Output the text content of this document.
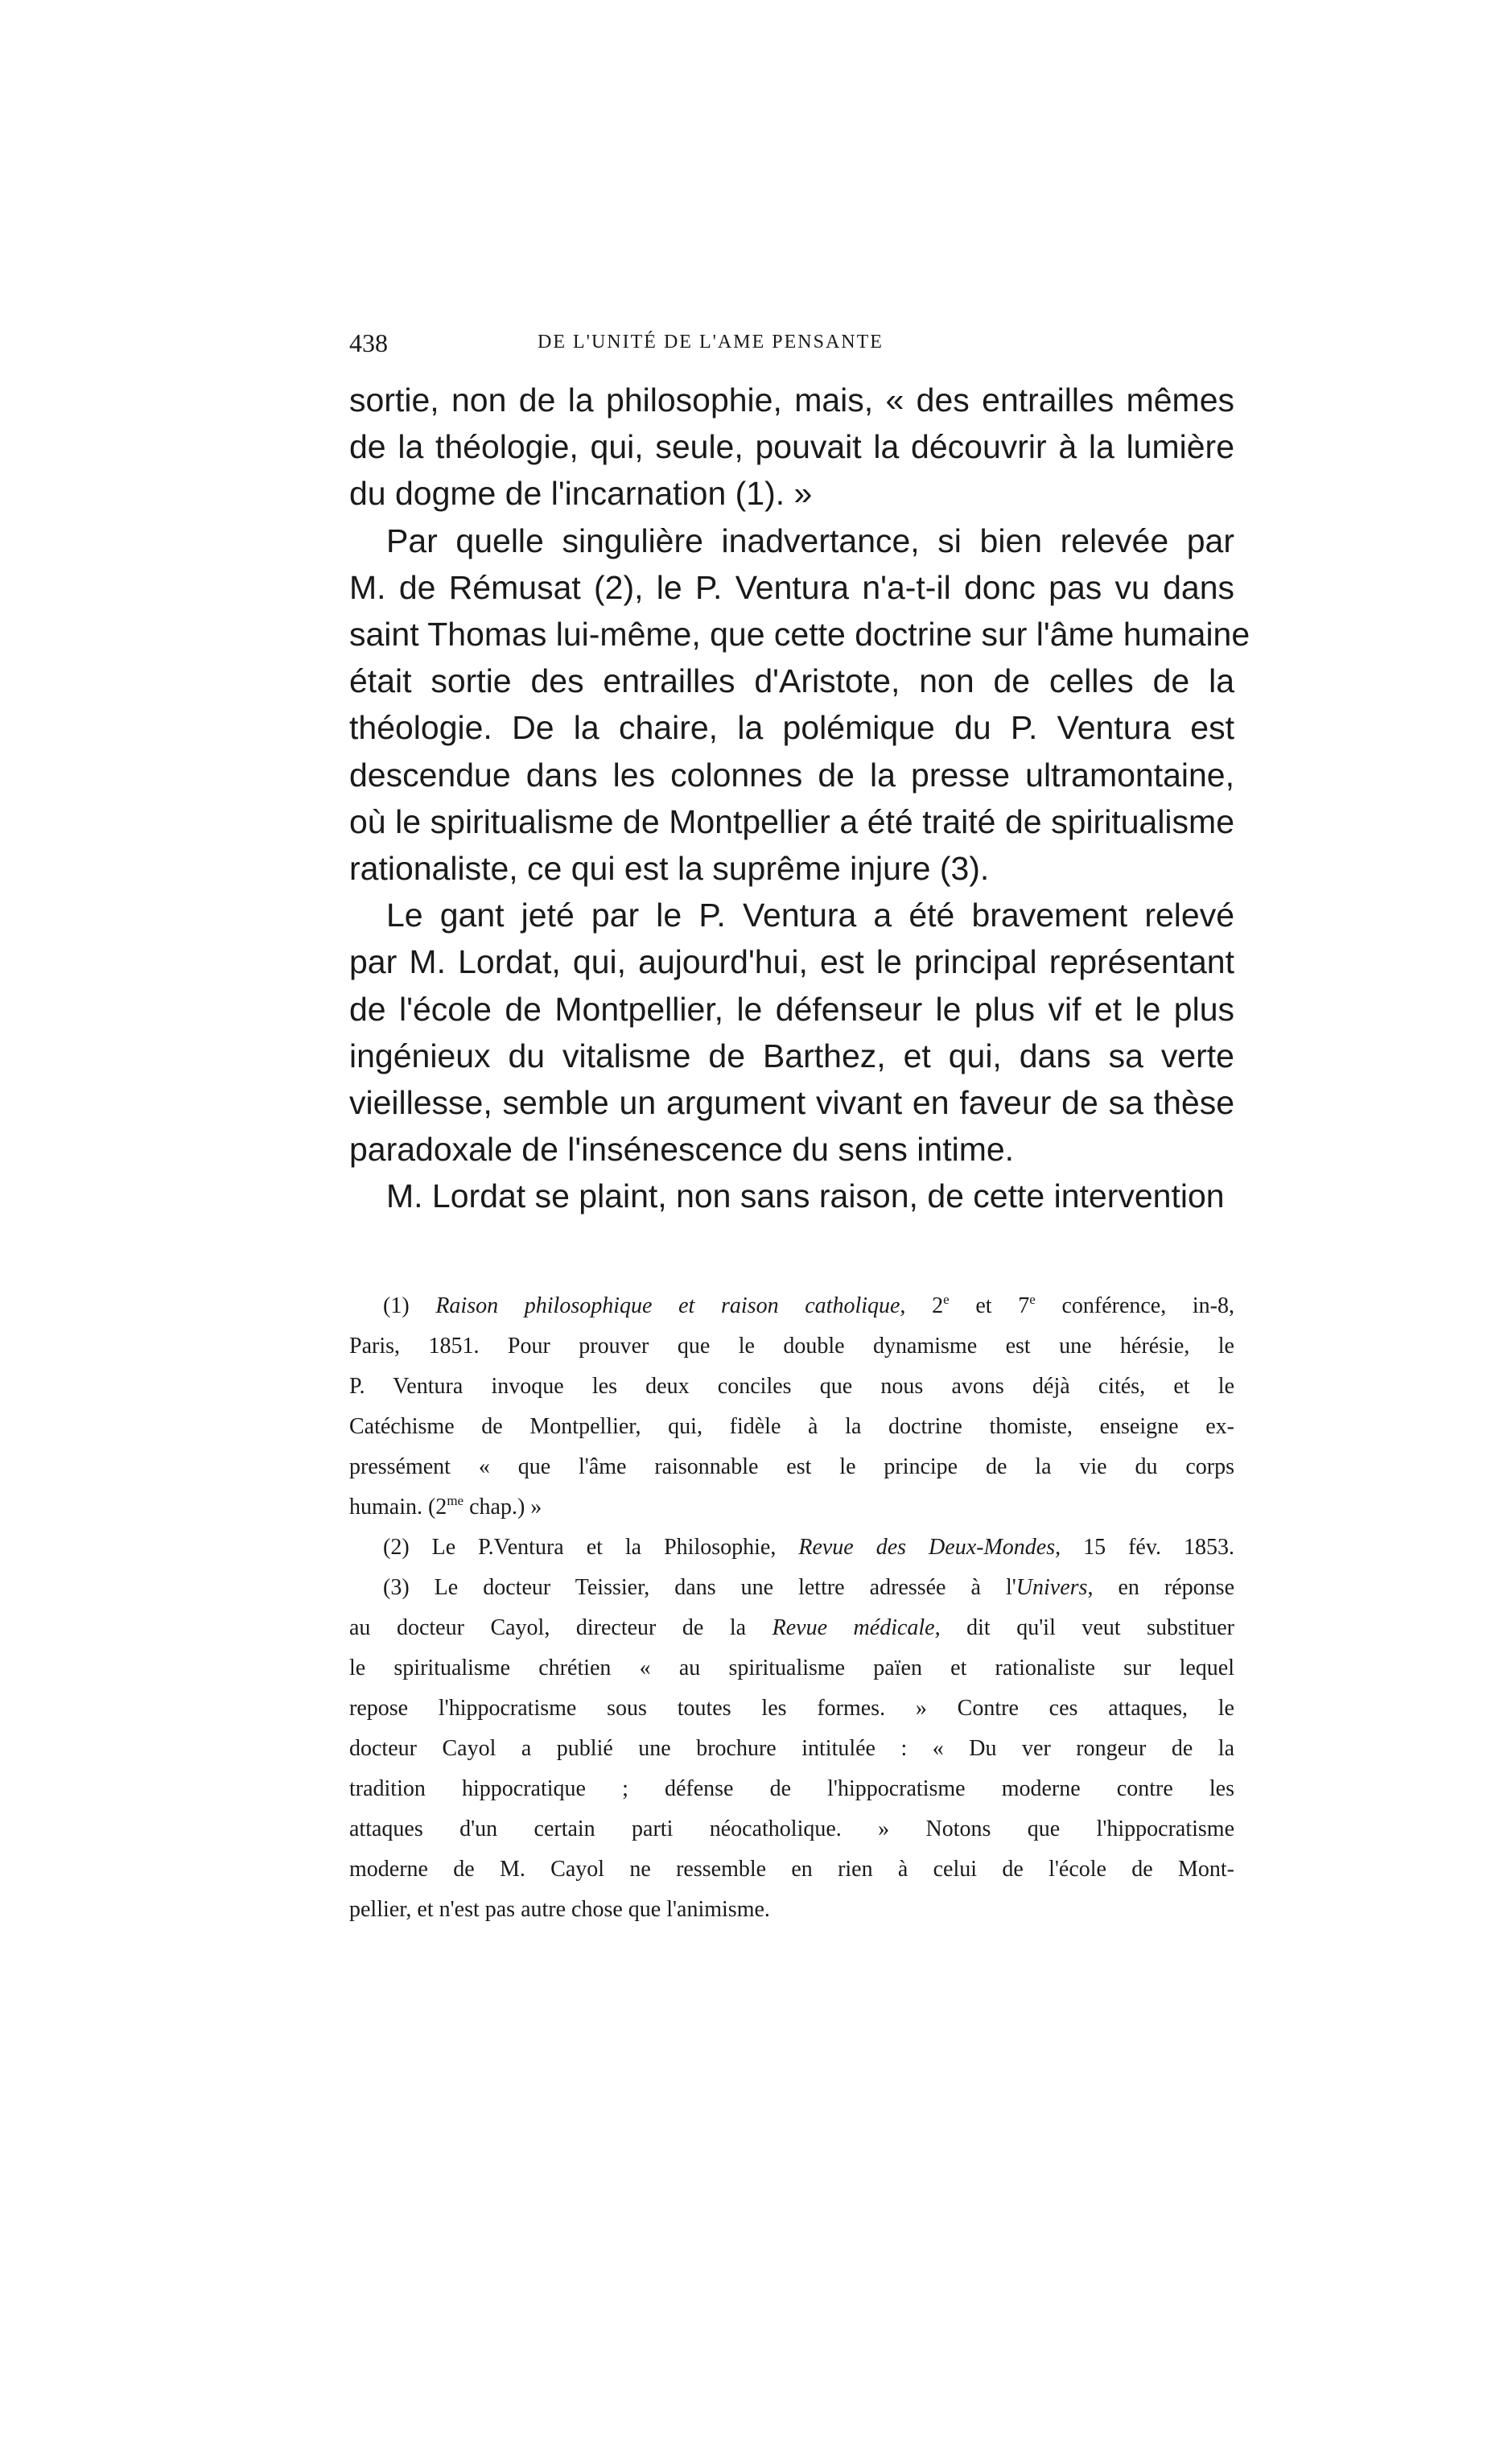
438	DE L'UNITÉ DE L'AME PENSANTE
sortie, non de la philosophie, mais, « des entrailles mêmes
de la théologie, qui, seule, pouvait la découvrir à la lumière
du dogme de l'incarnation (1). »
Par quelle singulière inadvertance, si bien relevée par
M. de Rémusat (2), le P. Ventura n'a-t-il donc pas vu dans
saint Thomas lui-même, que cette doctrine sur l'âme humaine
était sortie des entrailles d'Aristote, non de celles de la
théologie. De la chaire, la polémique du P. Ventura est
descendue dans les colonnes de la presse ultramontaine,
où le spiritualisme de Montpellier a été traité de spiritualisme
rationaliste, ce qui est la suprême injure (3).
Le gant jeté par le P. Ventura a été bravement relevé
par M. Lordat, qui, aujourd'hui, est le principal représentant
de l'école de Montpellier, le défenseur le plus vif et le plus
ingénieux du vitalisme de Barthez, et qui, dans sa verte
vieillesse, semble un argument vivant en faveur de sa thèse
paradoxale de l'insénescence du sens intime.
M. Lordat se plaint, non sans raison, de cette intervention
(1) Raison philosophique et raison catholique, 2e et 7e conférence, in-8,
Paris, 1851. Pour prouver que le double dynamisme est une hérésie, le
P. Ventura invoque les deux conciles que nous avons déjà cités, et le
Catéchisme de Montpellier, qui, fidèle à la doctrine thomiste, enseigne ex-
pressément « que l'âme raisonnable est le principe de la vie du corps
humain. ($2^{me}$ chap.) »
(2) Le P.Ventura et la Philosophie, Revue des Deux-Mondes, 15 fév. 1853.
(3) Le docteur Teissier, dans une lettre adressée à l'Univers, en réponse
au docteur Cayol, directeur de la Revue médicale, dit qu'il veut substituer
le spiritualisme chrétien « au spiritualisme païen et rationaliste sur lequel
repose l'hippocratisme sous toutes les formes. » Contre ces attaques, le
docteur Cayol a publié une brochure intitulée : « Du ver rongeur de la
tradition hippocratique ; défense de l'hippocratisme moderne contre les
attaques d'un certain parti néocatholique. » Notons que l'hippocratisme
moderne de M. Cayol ne ressemble en rien à celui de l'école de Mont-
pellier, et n'est pas autre chose que l'animisme.
